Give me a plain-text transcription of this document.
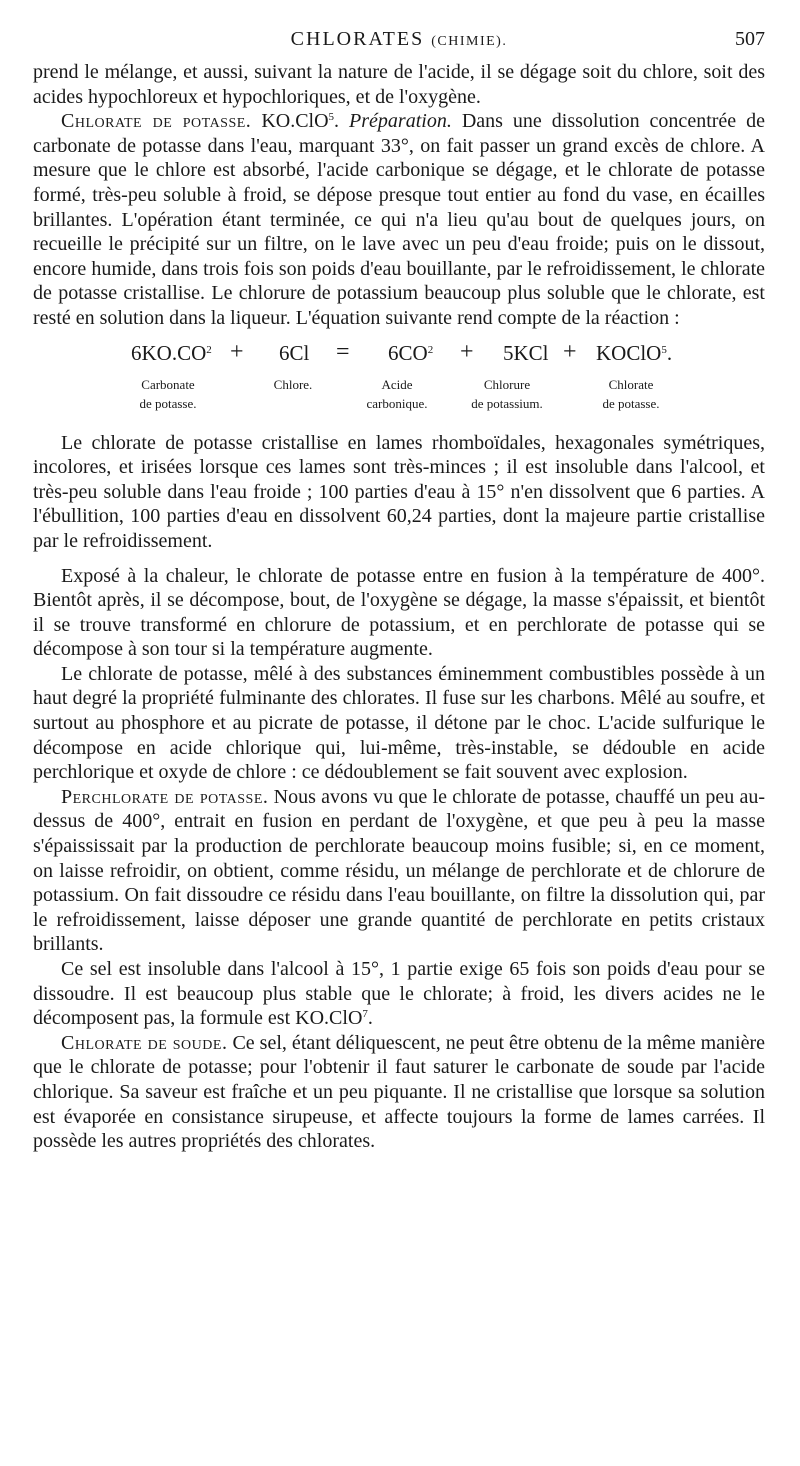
CHLORATES (CHIMIE).	507

prend le mélange, et aussi, suivant la nature de l'acide, il se dégage soit du chlore, soit des acides hypochloreux et hypochloriques, et de l'oxygène.

Chlorate de potasse. KO.ClO$^5$. Préparation. Dans une dissolution concentrée de carbonate de potasse dans l'eau, marquant 33°, on fait passer un grand excès de chlore. A mesure que le chlore est absorbé, l'acide carbonique se dégage, et le chlorate de potasse formé, très-peu soluble à froid, se dépose presque tout entier au fond du vase, en écailles brillantes. L'opération étant terminée, ce qui n'a lieu qu'au bout de quelques jours, on recueille le précipité sur un filtre, on le lave avec un peu d'eau froide; puis on le dissout, encore humide, dans trois fois son poids d'eau bouillante, par le refroidissement, le chlorate de potasse cristallise. Le chlorure de potassium beaucoup plus soluble que le chlorate, est resté en solution dans la liqueur. L'équation suivante rend compte de la réaction :

$6KO.CO^2 + 6Cl = 6CO^2 + 5KCl$ + KOClO$^5$.
Carbonate
de potasse.
Chlore.	Acide
carbonique.
Chlorure
de potassium.
Chlorate
de potasse.

Le chlorate de potasse cristallise en lames rhomboïdales, hexagonales symétriques, incolores, et irisées lorsque ces lames sont très-minces ; il est insoluble dans l'alcool, et très-peu soluble dans l'eau froide ; 100 parties d'eau à 15° n'en dissolvent que 6 parties. A l'ébullition, 100 parties d'eau en dissolvent 60,24 parties, dont la majeure partie cristallise par le refroidissement.

Exposé à la chaleur, le chlorate de potasse entre en fusion à la température de 400°. Bientôt après, il se décompose, bout, de l'oxygène se dégage, la masse s'épaissit, et bientôt il se trouve transformé en chlorure de potassium, et en perchlorate de potasse qui se décompose à son tour si la température augmente.

Le chlorate de potasse, mêlé à des substances éminemment combustibles possède à un haut degré la propriété fulminante des chlorates. Il fuse sur les charbons. Mêlé au soufre, et surtout au phosphore et au picrate de potasse, il détone par le choc. L'acide sulfurique le décompose en acide chlorique qui, lui-même, très-instable, se dédouble en acide perchlorique et oxyde de chlore : ce dédoublement se fait souvent avec explosion.

Perchlorate de potasse. Nous avons vu que le chlorate de potasse, chauffé un peu au-dessus de 400°, entrait en fusion en perdant de l'oxygène, et que peu à peu la masse s'épaississait par la production de perchlorate beaucoup moins fusible; si, en ce moment, on laisse refroidir, on obtient, comme résidu, un mélange de perchlorate et de chlorure de potassium. On fait dissoudre ce résidu dans l'eau bouillante, on filtre la dissolution qui, par le refroidissement, laisse déposer une grande quantité de perchlorate en petits cristaux brillants.

Ce sel est insoluble dans l'alcool à 15°, 1 partie exige 65 fois son poids d'eau pour se dissoudre. Il est beaucoup plus stable que le chlorate; à froid, les divers acides ne le décomposent pas, la formule est KO.ClO$^7$.

Chlorate de soude. Ce sel, étant déliquescent, ne peut être obtenu de la même manière que le chlorate de potasse; pour l'obtenir il faut saturer le carbonate de soude par l'acide chlorique. Sa saveur est fraîche et un peu piquante. Il ne cristallise que lorsque sa solution est évaporée en consistance sirupeuse, et affecte toujours la forme de lames carrées. Il possède les autres propriétés des chlorates.
